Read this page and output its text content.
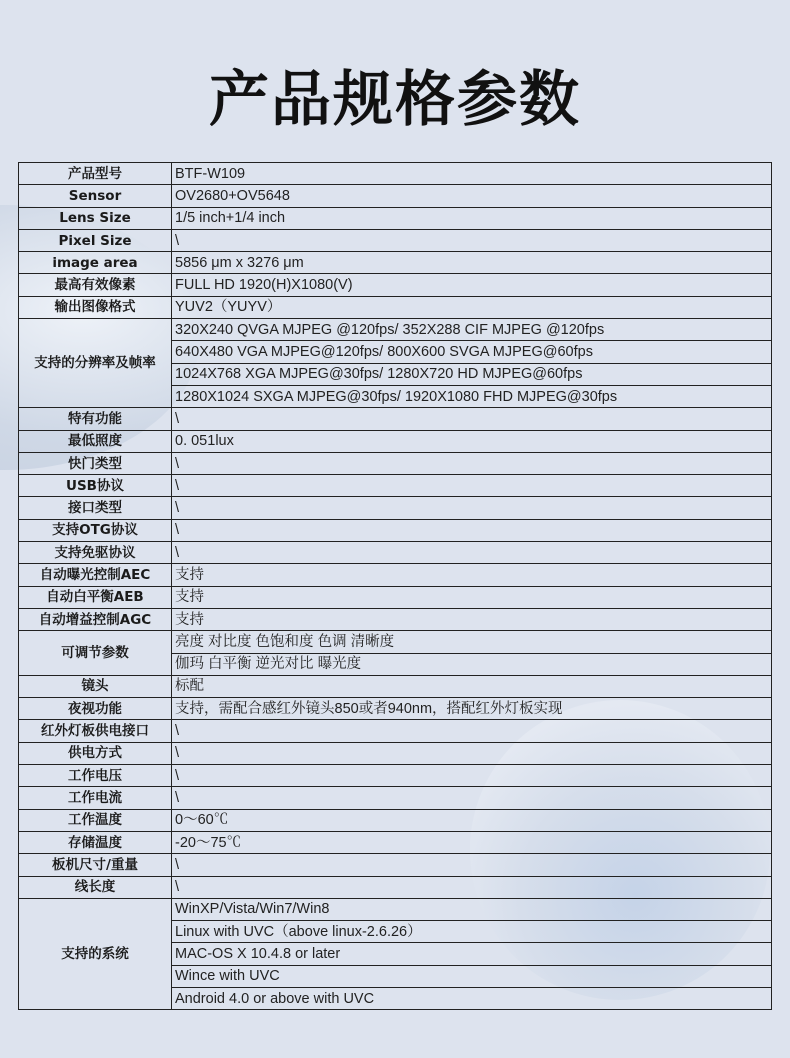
产品规格参数
产品型号	BTF-W109
Sensor	OV2680+OV5648
Lens Size	1/5 inch+1/4 inch
Pixel Size	\
image area	5856 μm x 3276 μm
最高有效像素	FULL HD 1920(H)X1080(V)
输出图像格式	YUV2（YUYV）
支持的分辨率及帧率	320X240 QVGA MJPEG @120fps/ 352X288 CIF MJPEG @120fps
	640X480 VGA MJPEG@120fps/ 800X600 SVGA MJPEG@60fps
	1024X768 XGA MJPEG@30fps/ 1280X720 HD MJPEG@60fps
	1280X1024 SXGA MJPEG@30fps/ 1920X1080 FHD MJPEG@30fps
特有功能	\
最低照度	0. 051lux
快门类型	\
USB协议	\
接口类型	\
支持OTG协议	\
支持免驱协议	\
自动曝光控制AEC	支持
自动白平衡AEB	支持
自动增益控制AGC	支持
可调节参数	亮度 对比度 色饱和度 色调 清晰度
	伽玛 白平衡 逆光对比 曝光度
镜头	标配
夜视功能	支持，需配合感红外镜头850或者940nm，搭配红外灯板实现
红外灯板供电接口	\
供电方式	\
工作电压	\
工作电流	\
工作温度	0～60℃
存储温度	-20～75℃
板机尺寸/重量	\
线长度	\
支持的系统	WinXP/Vista/Win7/Win8
	Linux with UVC（above linux-2.6.26）
	MAC-OS X 10.4.8 or later
	Wince with UVC
	Android 4.0 or above with UVC
